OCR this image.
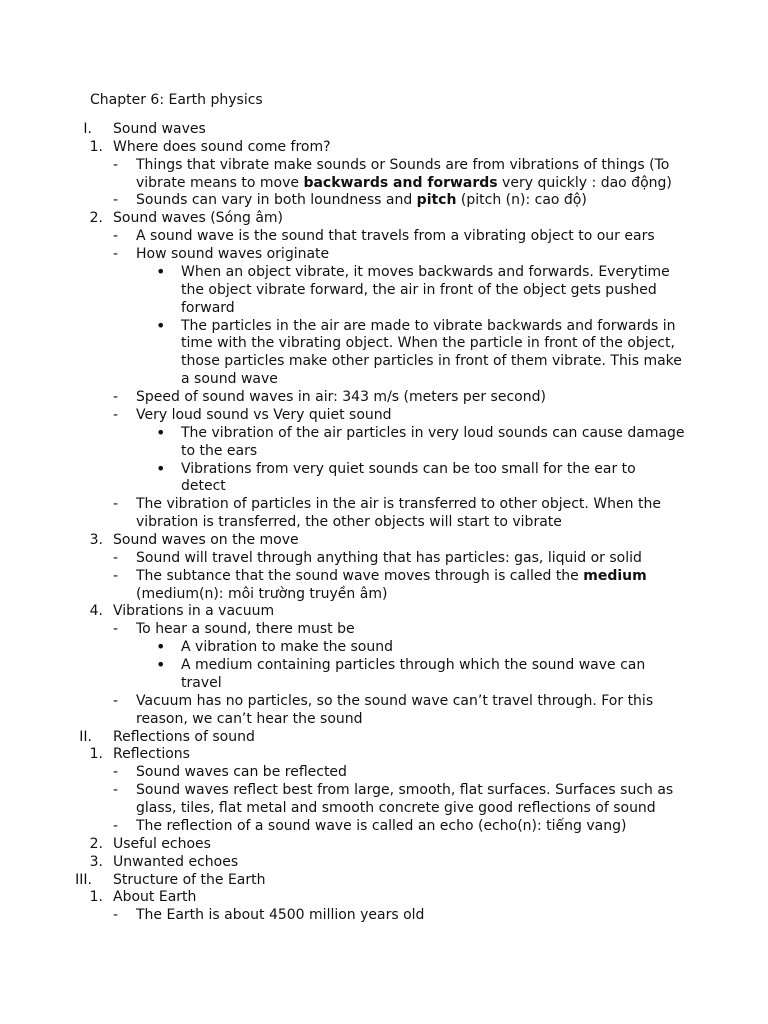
Chapter 6: Earth physics
I. Sound waves
1. Where does sound come from?
- Things that vibrate make sounds or Sounds are from vibrations of things (To
vibrate means to move backwards and forwards very quickly : dao động)
- Sounds can vary in both loundness and pitch (pitch (n): cao độ)
2. Sound waves (Sóng âm)
- A sound wave is the sound that travels from a vibrating object to our ears
- How sound waves originate
• When an object vibrate, it moves backwards and forwards. Everytime
the object vibrate forward, the air in front of the object gets pushed
forward
• The particles in the air are made to vibrate backwards and forwards in
time with the vibrating object. When the particle in front of the object,
those particles make other particles in front of them vibrate. This make
a sound wave
- Speed of sound waves in air: 343 m/s (meters per second)
- Very loud sound vs Very quiet sound
• The vibration of the air particles in very loud sounds can cause damage
to the ears
• Vibrations from very quiet sounds can be too small for the ear to
detect
- The vibration of particles in the air is transferred to other object. When the
vibration is transferred, the other objects will start to vibrate
3. Sound waves on the move
- Sound will travel through anything that has particles: gas, liquid or solid
- The subtance that the sound wave moves through is called the medium
(medium(n): môi trường truyền âm)
4. Vibrations in a vacuum
- To hear a sound, there must be
• A vibration to make the sound
• A medium containing particles through which the sound wave can
travel
- Vacuum has no particles, so the sound wave can’t travel through. For this
reason, we can’t hear the sound
II. Reflections of sound
1. Reflections
- Sound waves can be reflected
- Sound waves reflect best from large, smooth, flat surfaces. Surfaces such as
glass, tiles, flat metal and smooth concrete give good reflections of sound
- The reflection of a sound wave is called an echo (echo(n): tiếng vang)
2. Useful echoes
3. Unwanted echoes
III. Structure of the Earth
1. About Earth
- The Earth is about 4500 million years old
